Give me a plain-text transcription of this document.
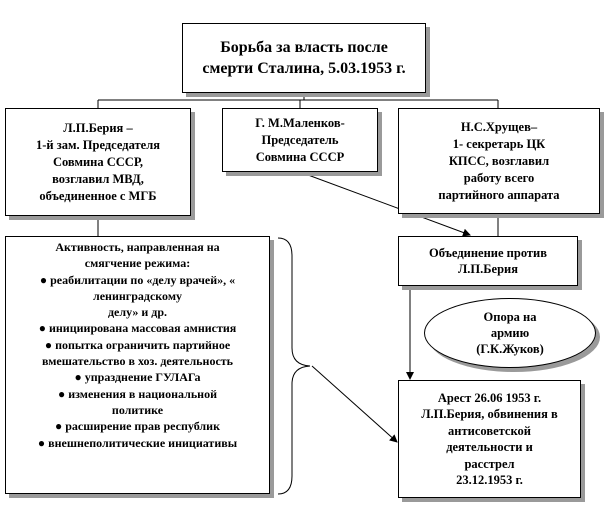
Борьба за власть после
смерти Сталина, 5.03.1953 г.
Л.П.Берия –
1-й зам. Председателя
Совмина СССР,
возглавил МВД,
объединенное с МГБ
Г. М.Маленков-
Председатель
Совмина СССР
Н.С.Хрущев–
1- секретарь ЦК
КПСС, возглавил
работу всего
партийного аппарата
Активность, направленная на
смягчение режима:
● реабилитации по «делу врачей», «
ленинградскому
делу» и др.
● инициирована массовая амнистия
● попытка ограничить партийное
вмешательство в хоз. деятельность
● упразднение ГУЛАГа
● изменения в национальной
политике
● расширение прав республик
● внешнеполитические инициативы
Объединение против
Л.П.Берия
Опора на
армию
(Г.К.Жуков)
Арест 26.06 1953 г.
Л.П.Берия, обвинения в
антисоветской
деятельности и
расстрел
23.12.1953 г.
